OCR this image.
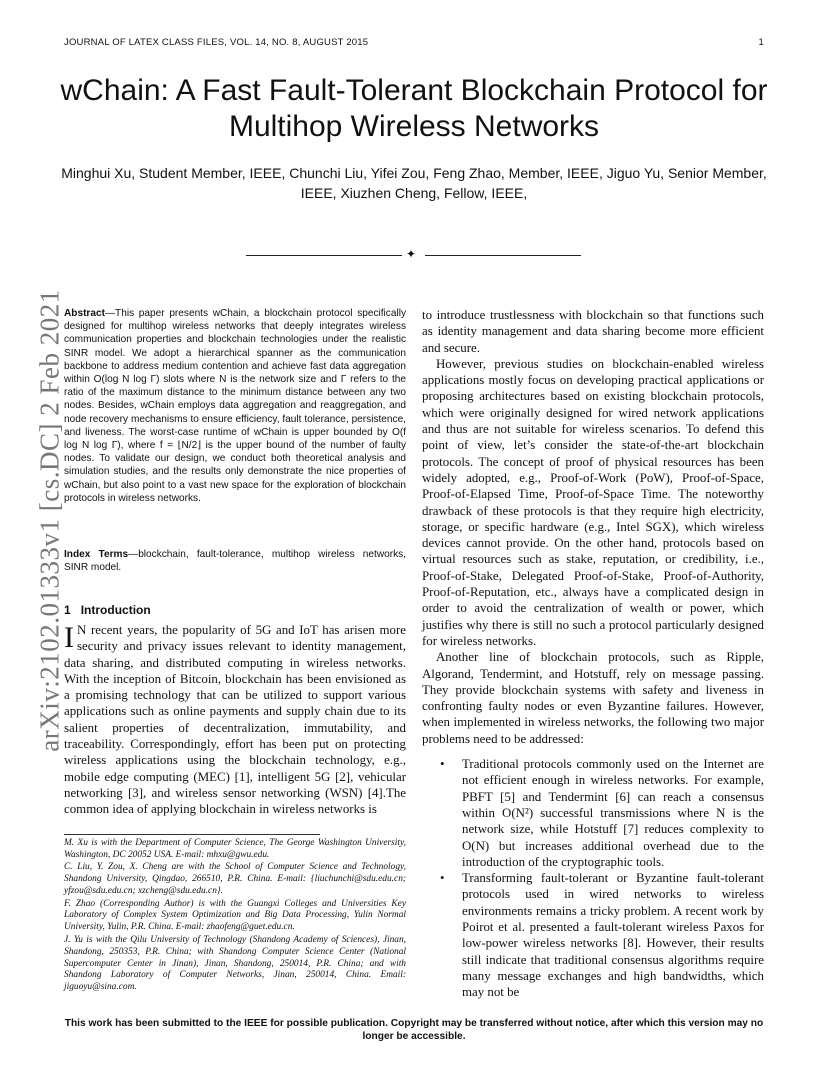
JOURNAL OF LATEX CLASS FILES, VOL. 14, NO. 8, AUGUST 2015	1
wChain: A Fast Fault-Tolerant Blockchain Protocol for Multihop Wireless Networks
Minghui Xu, Student Member, IEEE, Chunchi Liu, Yifei Zou, Feng Zhao, Member, IEEE, Jiguo Yu, Senior Member, IEEE, Xiuzhen Cheng, Fellow, IEEE,
✦
arXiv:2102.01333v1 [cs.DC] 2 Feb 2021 Abstract—This paper presents wChain, a blockchain protocol specifically designed for multihop wireless networks that deeply integrates wireless communication properties and blockchain technologies under the realistic SINR model. We adopt a hierarchical spanner as the communication backbone to address medium contention and achieve fast data aggregation within O(log N log Γ) slots where N is the network size and Γ refers to the ratio of the maximum distance to the minimum distance between any two nodes. Besides, wChain employs data aggregation and reaggregation, and node recovery mechanisms to ensure efficiency, fault tolerance, persistence, and liveness. The worst-case runtime of wChain is upper bounded by O(f log N log Γ), where f = ⌊N/2⌋ is the upper bound of the number of faulty nodes. To validate our design, we conduct both theoretical analysis and simulation studies, and the results only demonstrate the nice properties of wChain, but also point to a vast new space for the exploration of blockchain protocols in wireless networks.
Index Terms—blockchain, fault-tolerance, multihop wireless networks, SINR model.
1 Introduction
I N recent years, the popularity of 5G and IoT has arisen more security and privacy issues relevant to identity management, data sharing, and distributed computing in wireless networks. With the inception of Bitcoin, blockchain has been envisioned as a promising technology that can be utilized to support various applications such as online payments and supply chain due to its salient properties of decentralization, immutability, and traceability. Correspondingly, effort has been put on protecting wireless applications using the blockchain technology, e.g., mobile edge computing (MEC) [1], intelligent 5G [2], vehicular networking [3], and wireless sensor networking (WSN) [4].The common idea of applying blockchain in wireless networks is

M. Xu is with the Department of Computer Science, The George Washington University, Washington, DC 20052 USA. E-mail: mhxu@gwu.edu.

C. Liu, Y. Zou, X. Cheng are with the School of Computer Science and Technology, Shandong University, Qingdao, 266510, P.R. China. E-mail: {liuchunchi@sdu.edu.cn; yfzou@sdu.edu.cn; xzcheng@sdu.edu.cn}.

F. Zhao (Corresponding Author) is with the Guangxi Colleges and Universities Key Laboratory of Complex System Optimization and Big Data Processing, Yulin Normal University, Yulin, P.R. China. E-mail: zhaofeng@guet.edu.cn.

J. Yu is with the Qilu University of Technology (Shandong Academy of Sciences), Jinan, Shandong, 250353, P.R. China; with Shandong Computer Science Center (National Supercomputer Center in Jinan), Jinan, Shandong, 250014, P.R. China; and with Shandong Laboratory of Computer Networks, Jinan, 250014, China. Email: jiguoyu@sina.com.

to introduce trustlessness with blockchain so that functions such as identity management and data sharing become more efficient and secure.

However, previous studies on blockchain-enabled wireless applications mostly focus on developing practical applications or proposing architectures based on existing blockchain protocols, which were originally designed for wired network applications and thus are not suitable for wireless scenarios. To defend this point of view, let’s consider the state-of-the-art blockchain protocols. The concept of proof of physical resources has been widely adopted, e.g., Proof-of-Work (PoW), Proof-of-Space, Proof-of-Elapsed Time, Proof-of-Space Time. The noteworthy drawback of these protocols is that they require high electricity, storage, or specific hardware (e.g., Intel SGX), which wireless devices cannot provide. On the other hand, protocols based on virtual resources such as stake, reputation, or credibility, i.e., Proof-of-Stake, Delegated Proof-of-Stake, Proof-of-Authority, Proof-of-Reputation, etc., always have a complicated design in order to avoid the centralization of wealth or power, which justifies why there is still no such a protocol particularly designed for wireless networks.

Another line of blockchain protocols, such as Ripple, Algorand, Tendermint, and Hotstuff, rely on message passing. They provide blockchain systems with safety and liveness in confronting faulty nodes or even Byzantine failures. However, when implemented in wireless networks, the following two major problems need to be addressed:

• Traditional protocols commonly used on the Internet are not efficient enough in wireless networks. For example, PBFT [5] and Tendermint [6] can reach a consensus within O(N²) successful transmissions where N is the network size, while Hotstuff [7] reduces complexity to O(N) but increases additional overhead due to the introduction of the cryptographic tools.
• Transforming fault-tolerant or Byzantine fault-tolerant protocols used in wired networks to wireless environments remains a tricky problem. A recent work by Poirot et al. presented a fault-tolerant wireless Paxos for low-power wireless networks [8]. However, their results still indicate that traditional consensus algorithms require many message exchanges and high bandwidths, which may not be
This work has been submitted to the IEEE for possible publication. Copyright may be transferred without notice, after which this version may no longer be accessible.
